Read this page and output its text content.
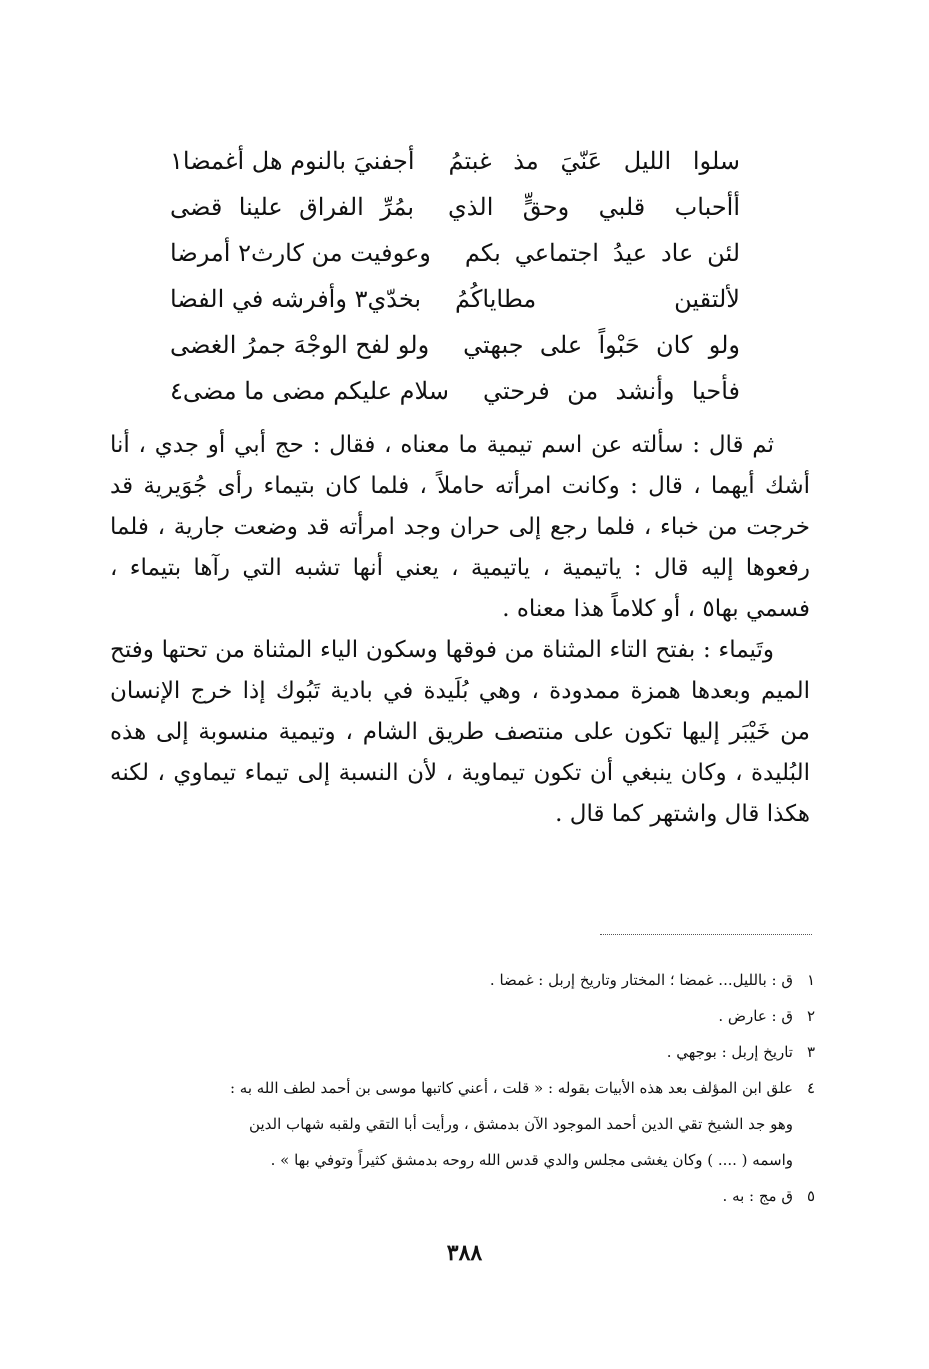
سلوا الليل عَنّيَ مذ غبتمُ
أجفنيَ بالنوم هل أغمضا١
أأحباب قلبي وحقٍّ الذي
بمُرِّ الفراق علينا قضى
لئن عاد عيدُ اجتماعي بكم
وعوفيت من كارث٢ أمرضا
لألتقين مطاياكُمُ
بخدّي٣ وأفرشه في الفضا
ولو كان حَبْواً على جبهتي
ولو لفح الوجْهَ جمرُ الغضى
فأحيا وأنشد من فرحتي
سلام عليكم مضى ما مضى٤

ثم قال : سألته عن اسم تيمية ما معناه ، فقال : حج أبي أو جدي ، أنا أشك أيهما ، قال : وكانت امرأته حاملاً ، فلما كان بتيماء رأى جُوَيرية قد خرجت من خباء ، فلما رجع إلى حران وجد امرأته قد وضعت جارية ، فلما رفعوها إليه قال : ياتيمية ، ياتيمية ، يعني أنها تشبه التي رآها بتيماء ، فسمي بها٥ ، أو كلاماً هذا معناه .

وتَيماء : بفتح التاء المثناة من فوقها وسكون الياء المثناة من تحتها وفتح الميم وبعدها همزة ممدودة ، وهي بُلَيدة في بادية تَبُوك إذا خرج الإنسان من خَيْبَر إليها تكون على منتصف طريق الشام ، وتيمية منسوبة إلى هذه البُليدة ، وكان ينبغي أن تكون تيماوية ، لأن النسبة إلى تيماء تيماوي ، لكنه هكذا قال واشتهر كما قال .

١
ق : بالليل... غمضا ؛ المختار وتاريخ إربل : غمضا .
٢
ق : عارض .
٣
تاريخ إربل : بوجهي .
٤
علق ابن المؤلف بعد هذه الأبيات بقوله : « قلت ، أعني كاتبها موسى بن أحمد لطف الله به :
وهو جد الشيخ تقي الدين أحمد الموجود الآن بدمشق ، ورأيت أبا التقي ولقبه شهاب الدين
واسمه ( .... ) وكان يغشى مجلس والدي قدس الله روحه بدمشق كثيراً وتوفي بها » .
٥
ق مج : به .
٣٨٨
